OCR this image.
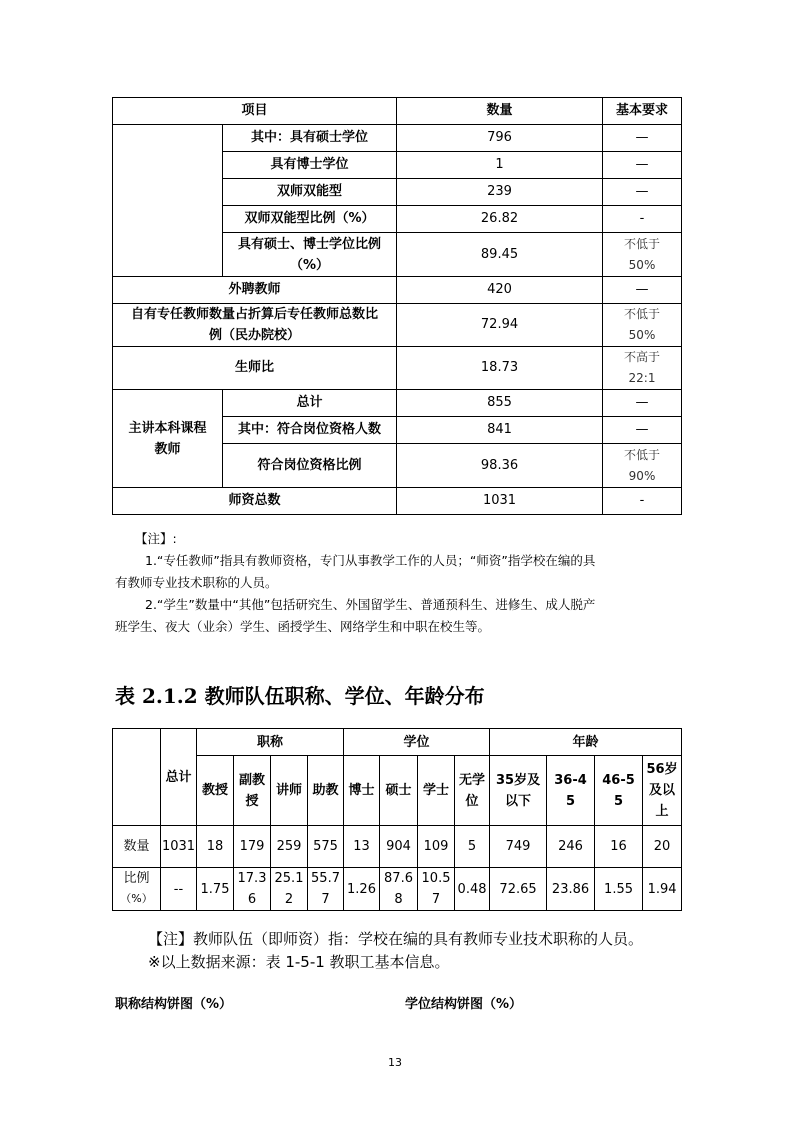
项目		数量	基本要求
	其中：具有硕士学位	796	—
	具有博士学位	1	—
	双师双能型	239	—
	双师双能型比例（%）	26.82	-
	具有硕士、博士学位比例
（%）	89.45	不低于
50%
外聘教师		420	—
自有专任教师数量占折算后专任教师总数比
例（民办院校）		72.94	不低于
50%
生师比		18.73	不高于
22:1
主讲本科课程
教师	总计	855	—
	其中：符合岗位资格人数	841	—
	符合岗位资格比例	98.36	不低于
90%
师资总数		1031	-

【注】:

1.“专任教师”指具有教师资格，专门从事教学工作的人员；“师资”指学校在编的具

有教师专业技术职称的人员。

2.“学生”数量中“其他”包括研究生、外国留学生、普通预科生、进修生、成人脱产

班学生、夜大（业余）学生、函授学生、网络学生和中职在校生等。

表 2.1.2 教师队伍职称、学位、年龄分布
	总计	职称				学位				年龄			
		教授	副教授	讲师	助教	博士	硕士	学士	无学位	35岁及以下	36-45	46-55	56岁及以上
数量	1031	18	179	259	575	13	904	109	5	749	246	16	20
比例
（%）	--	1.75	17.36	25.12	55.77	1.26	87.68	10.57	0.48	72.65	23.86	1.55	1.94

【注】教师队伍（即师资）指：学校在编的具有教师专业技术职称的人员。

※以上数据来源：表 1-5-1 教职工基本信息。

职称结构饼图（%）	学位结构饼图（%）

13
